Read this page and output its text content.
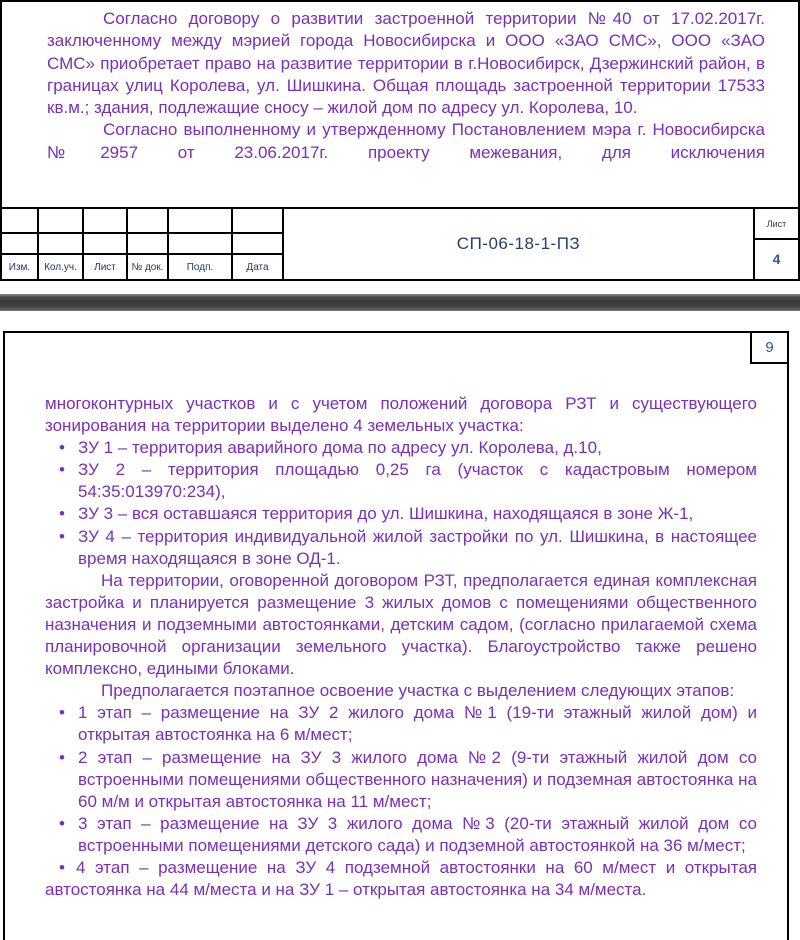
Согласно договору о развитии застроенной территории №40 от 17.02.2017г. заключенному между мэрией города Новосибирска и ООО «ЗАО СМС», ООО «ЗАО СМС» приобретает право на развитие территории в г.Новосибирск, Дзержинский район, в границах улиц Королева, ул. Шишкина. Общая площадь застроенной территории 17533 кв.м.; здания, подлежащие сносу – жилой дом по адресу ул. Королева, 10.

Согласно выполненному и утвержденному Постановлением мэра г. Новосибирска №2957 от 23.06.2017г. проекту межевания, для исключения

Изм.	Кол.уч.	Лист	№ док.	Подп.	Дата
СП-06-18-1-ПЗ
Лист
4
9

многоконтурных участков и с учетом положений договора РЗТ и существующего зонирования на территории выделено 4 земельных участка:

• ЗУ 1 – территория аварийного дома по адресу ул. Королева, д.10,
• ЗУ 2 – территория площадью 0,25 га (участок с кадастровым номером 54:35:013970:234),
• ЗУ 3 – вся оставшаяся территория до ул. Шишкина, находящаяся в зоне Ж-1,
• ЗУ 4 – территория индивидуальной жилой застройки по ул. Шишкина, в настоящее время находящаяся в зоне ОД-1.

На территории, оговоренной договором РЗТ, предполагается единая комплексная застройка и планируется размещение 3 жилых домов с помещениями общественного назначения и подземными автостоянками, детским садом, (согласно прилагаемой схема планировочной организации земельного участка). Благоустройство также решено комплексно, едиными блоками.

Предполагается поэтапное освоение участка с выделением следующих этапов:

• 1 этап – размещение на ЗУ 2 жилого дома №1 (19-ти этажный жилой дом) и открытая автостоянка на 6 м/мест;
• 2 этап – размещение на ЗУ 3 жилого дома №2 (9-ти этажный жилой дом со встроенными помещениями общественного назначения) и подземная автостоянка на 60 м/м и открытая автостоянка на 11 м/мест;
• 3 этап – размещение на ЗУ 3 жилого дома №3 (20-ти этажный жилой дом со встроенными помещениями детского сада) и подземной автостоянкой на 36 м/мест;
• 4 этап – размещение на ЗУ 4 подземной автостоянки на 60 м/мест и открытая автостоянка на 44 м/места и на ЗУ 1 – открытая автостоянка на 34 м/места.
